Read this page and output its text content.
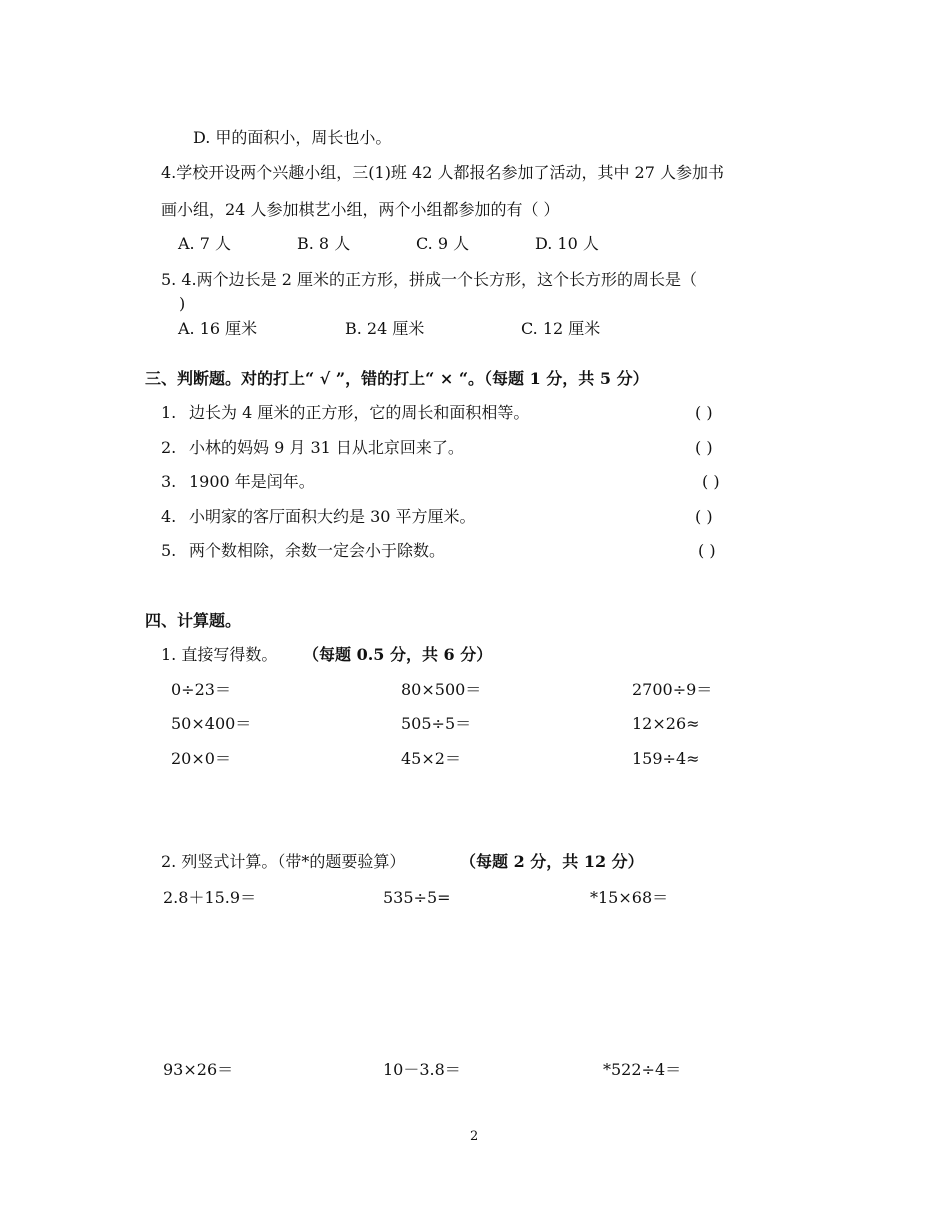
D. 甲的面积小，周长也小。
4.学校开设两个兴趣小组，三(1)班 42 人都报名参加了活动，其中 27 人参加书
画小组，24 人参加棋艺小组，两个小组都参加的有（ ）
A. 7 人	B. 8 人	C. 9 人	D. 10 人
5. 4.两个边长是 2 厘米的正方形，拼成一个长方形，这个长方形的周长是（
)
A. 16 厘米	B. 24 厘米	C. 12 厘米
三、判断题。对的打上“ √ ”，错的打上“ × “。（每题 1 分，共 5 分）
1. 边长为 4 厘米的正方形，它的周长和面积相等。	( )
2. 小林的妈妈 9 月 31 日从北京回来了。	( )
3. 1900 年是闰年。	( )
4. 小明家的客厅面积大约是 30 平方厘米。	( )
5. 两个数相除，余数一定会小于除数。	( )
四、计算题。
1. 直接写得数。 （每题 0.5 分，共 6 分）
0÷23＝	80×500＝	2700÷9＝
50×400＝	505÷5＝	12×26≈
20×0＝	45×2＝	159÷4≈
2. 列竖式计算。（带*的题要验算）	（每题 2 分，共 12 分）
2.8＋15.9＝	535÷5=	*15×68＝
93×26＝	10－3.8＝	*522÷4＝
2
